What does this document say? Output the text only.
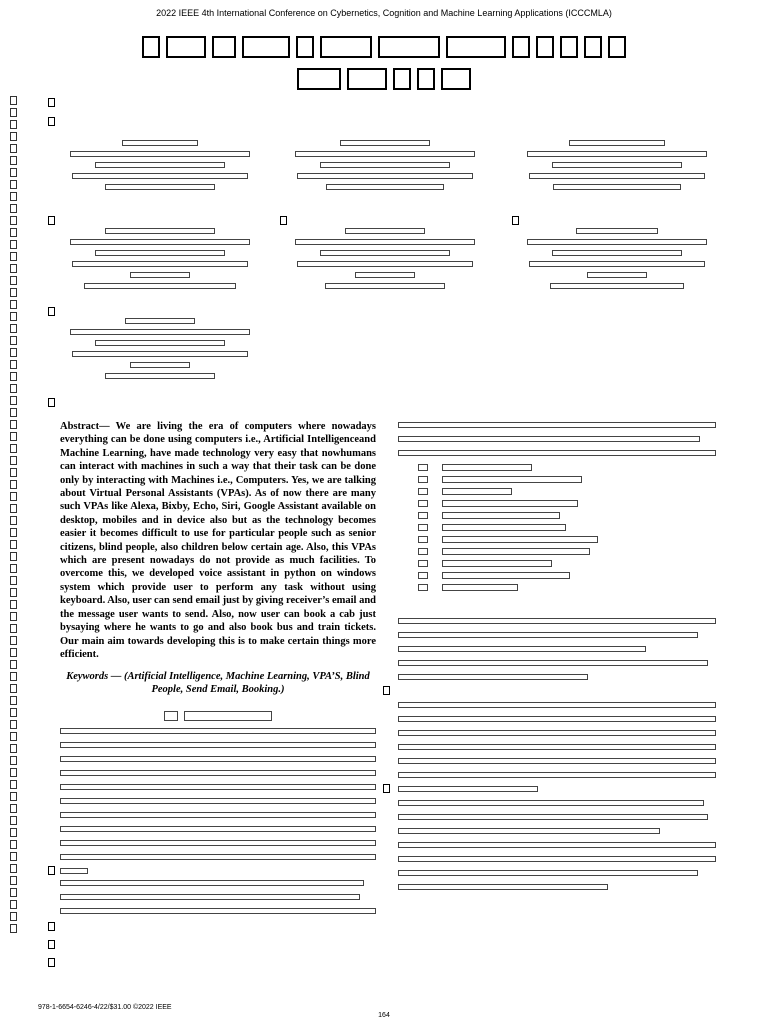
2022 IEEE 4th International Conference on Cybernetics, Cognition and Machine Learning Applications (ICCCMLA)

Abstract— We are living the era of computers where nowadays everything can be done using computers i.e., Artificial Intelligenceand Machine Learning, have made technology very easy that nowhumans can interact with machines in such a way that their task can be done only by interacting with Machines i.e., Computers. Yes, we are talking about Virtual Personal Assistants (VPAs). As of now there are many such VPAs like Alexa, Bixby, Echo, Siri, Google Assistant available on desktop, mobiles and in device also but as the technology becomes easier it becomes difficult to use for particular people such as senior citizens, blind people, also children below certain age. Also, this VPAs which are present nowadays do not provide as much facilities. To overcome this, we developed voice assistant in python on windows system which provide user to perform any task without using keyboard. Also, user can send email just by giving receiver’s email and the message user wants to send. Also, now user can book a cab just bysaying where he wants to go and also book bus and train tickets. Our main aim towards developing this is to make certain things more efficient.
Keywords — (Artificial Intelligence, Machine Learning, VPA’S, Blind People, Send Email, Booking.)
978-1-6654-6246-4/22/$31.00 ©2022 IEEE
164
